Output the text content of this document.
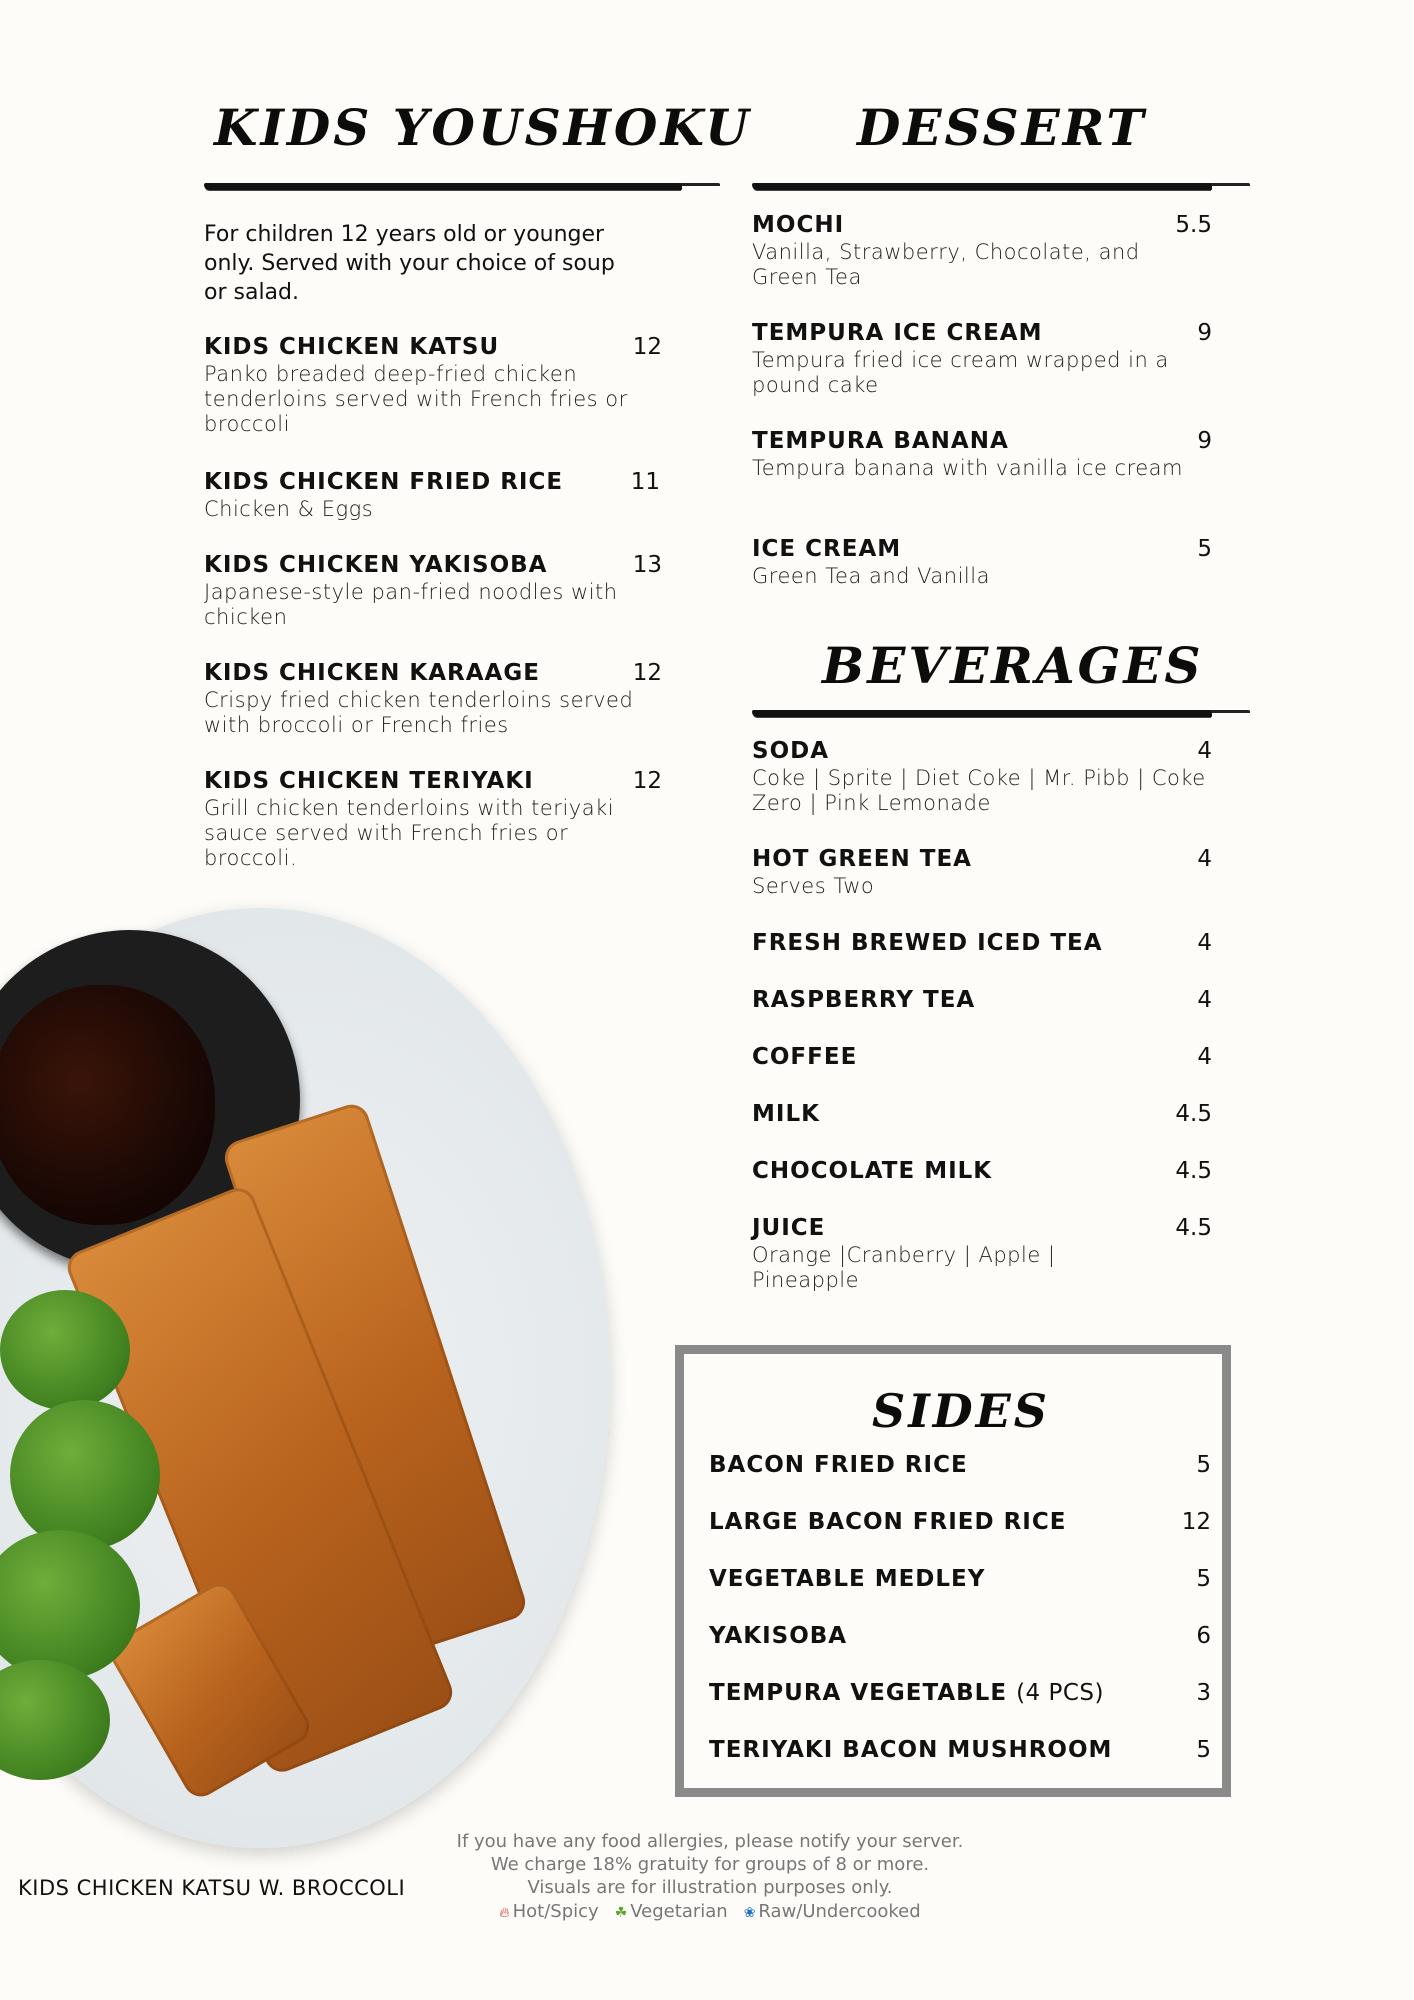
KIDS YOUSHOKU
For children 12 years old or younger only. Served with your choice of soup or salad.
KIDS CHICKEN KATSU	12
Panko breaded deep-fried chicken tenderloins served with French fries or broccoli
KIDS CHICKEN FRIED RICE	11
Chicken & Eggs
KIDS CHICKEN YAKISOBA	13
Japanese-style pan-fried noodles with chicken
KIDS CHICKEN KARAAGE	12
Crispy fried chicken tenderloins served with broccoli or French fries
KIDS CHICKEN TERIYAKI	12
Grill chicken tenderloins with teriyaki sauce served with French fries or broccoli.
KIDS CHICKEN KATSU W. BROCCOLI
DESSERT
MOCHI	5.5
Vanilla, Strawberry, Chocolate, and Green Tea
TEMPURA ICE CREAM	9
Tempura fried ice cream wrapped in a pound cake
TEMPURA BANANA	9
Tempura banana with vanilla ice cream
ICE CREAM	5
Green Tea and Vanilla
BEVERAGES
SODA	4
Coke | Sprite | Diet Coke | Mr. Pibb | Coke Zero | Pink Lemonade
HOT GREEN TEA	4
Serves Two
FRESH BREWED ICED TEA	4
RASPBERRY TEA	4
COFFEE	4
MILK	4.5
CHOCOLATE MILK	4.5
JUICE	4.5
Orange |Cranberry | Apple | Pineapple
SIDES
BACON FRIED RICE	5
LARGE BACON FRIED RICE	12
VEGETABLE MEDLEY	5
YAKISOBA	6
TEMPURA VEGETABLE (4 PCS)	3
TERIYAKI BACON MUSHROOM	5
If you have any food allergies, please notify your server.
We charge 18% gratuity for groups of 8 or more.
Visuals are for illustration purposes only.
🔥︎ Hot/Spicy ☘ Vegetarian ❀ Raw/Undercooked
